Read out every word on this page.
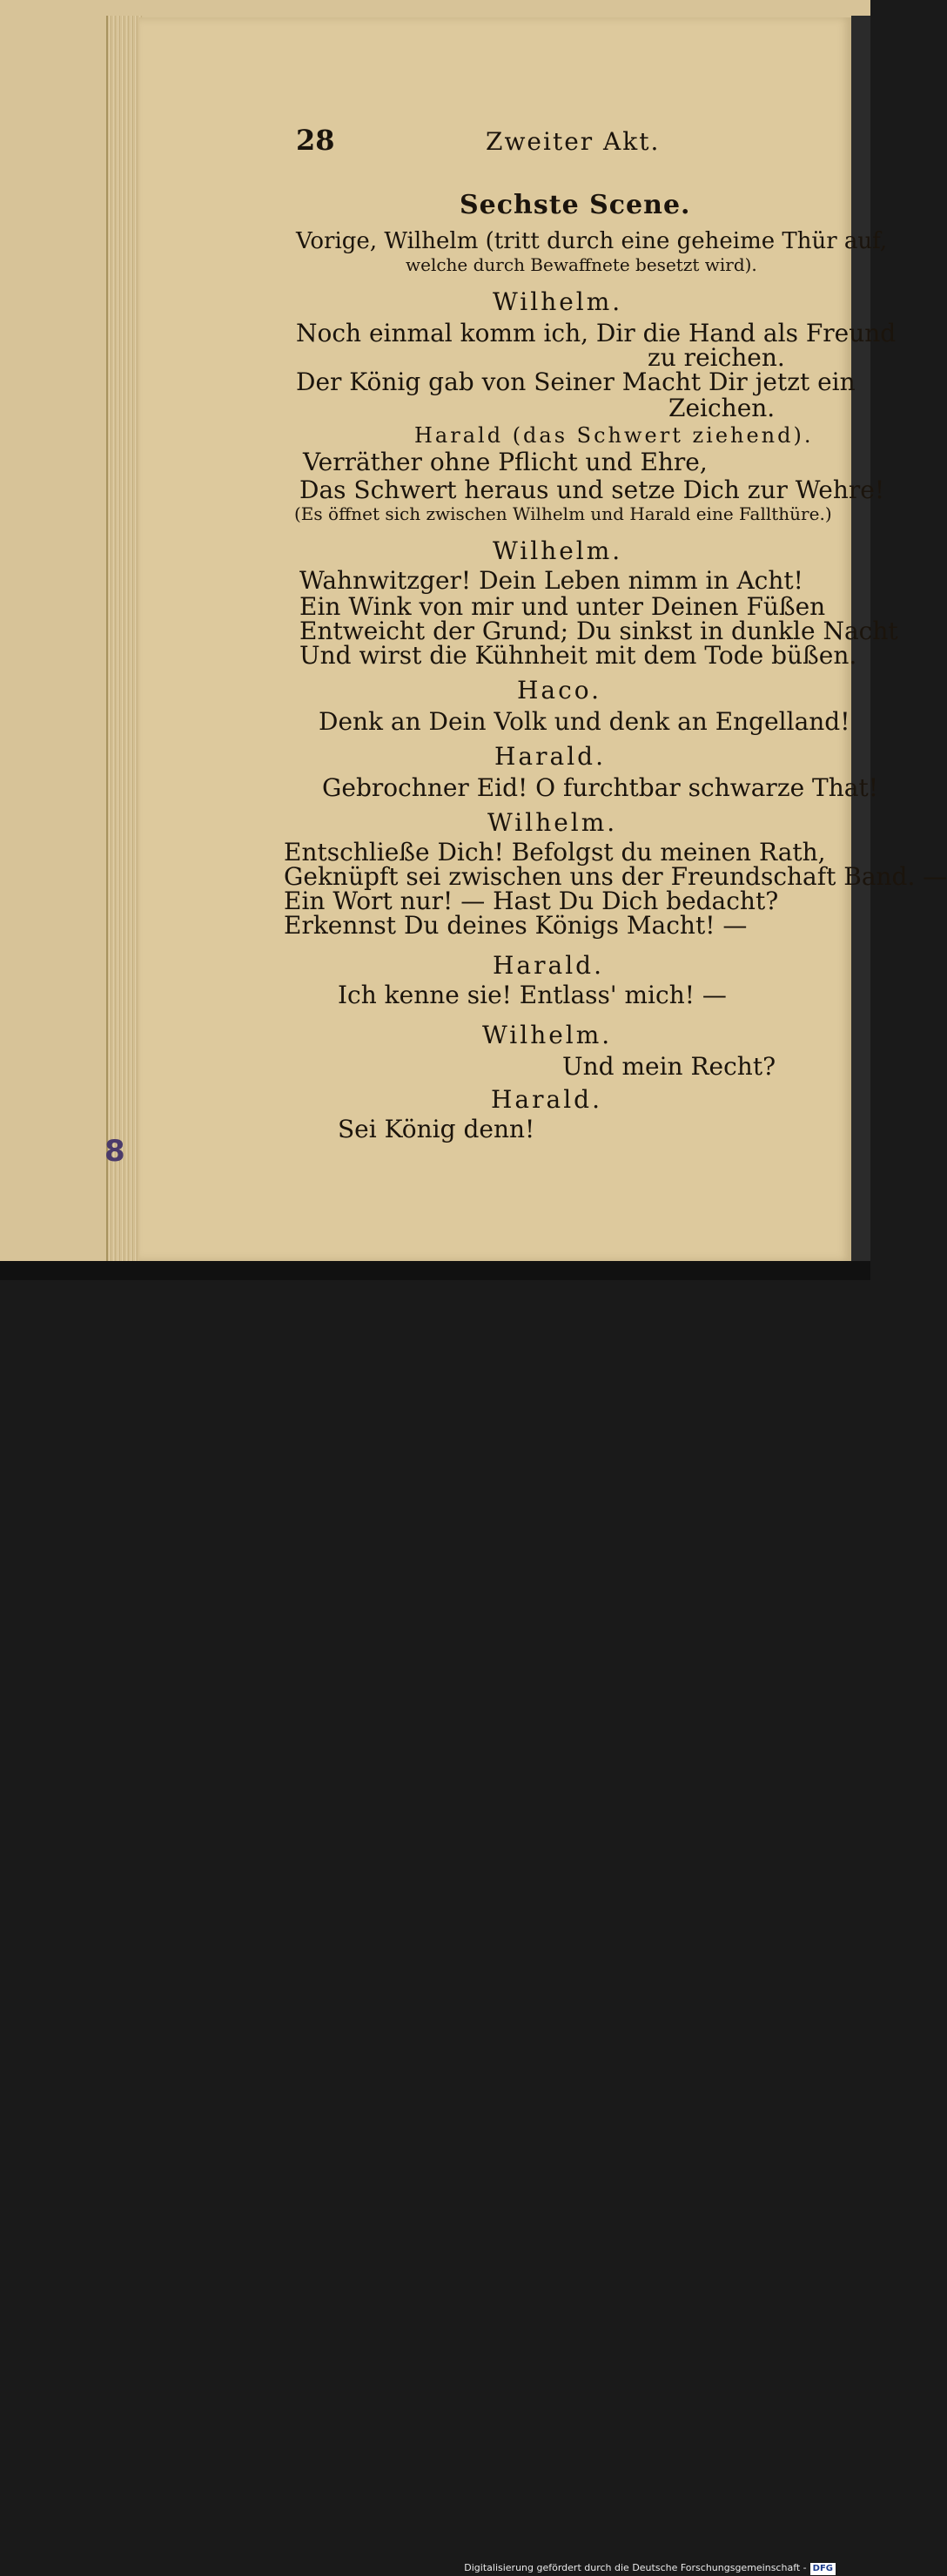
8
28	Zweiter Akt.
Sechste Scene.
Vorige, Wilhelm (tritt durch eine geheime Thür auf,
welche durch Bewaffnete besetzt wird).
Wilhelm.
Noch einmal komm ich, Dir die Hand als Freund
zu reichen.
Der König gab von Seiner Macht Dir jetzt ein
Zeichen.
Harald (das Schwert ziehend).
Verräther ohne Pflicht und Ehre,
Das Schwert heraus und setze Dich zur Wehre!
(Es öffnet sich zwischen Wilhelm und Harald eine Fallthüre.)
Wilhelm.
Wahnwitzger! Dein Leben nimm in Acht!
Ein Wink von mir und unter Deinen Füßen
Entweicht der Grund; Du sinkst in dunkle Nacht
Und wirst die Kühnheit mit dem Tode büßen.
Haco.
Denk an Dein Volk und denk an Engelland!
Harald.
Gebrochner Eid! O furchtbar schwarze That!
Wilhelm.
Entschließe Dich! Befolgst du meinen Rath,
Geknüpft sei zwischen uns der Freundschaft Band. —
Ein Wort nur! — Hast Du Dich bedacht?
Erkennst Du deines Königs Macht! —
Harald.
Ich kenne sie! Entlass' mich! —
Wilhelm.
Und mein Recht?
Harald.
Sei König denn!
Digitalisierung gefördert durch die Deutsche Forschungsgemeinschaft - DFG
